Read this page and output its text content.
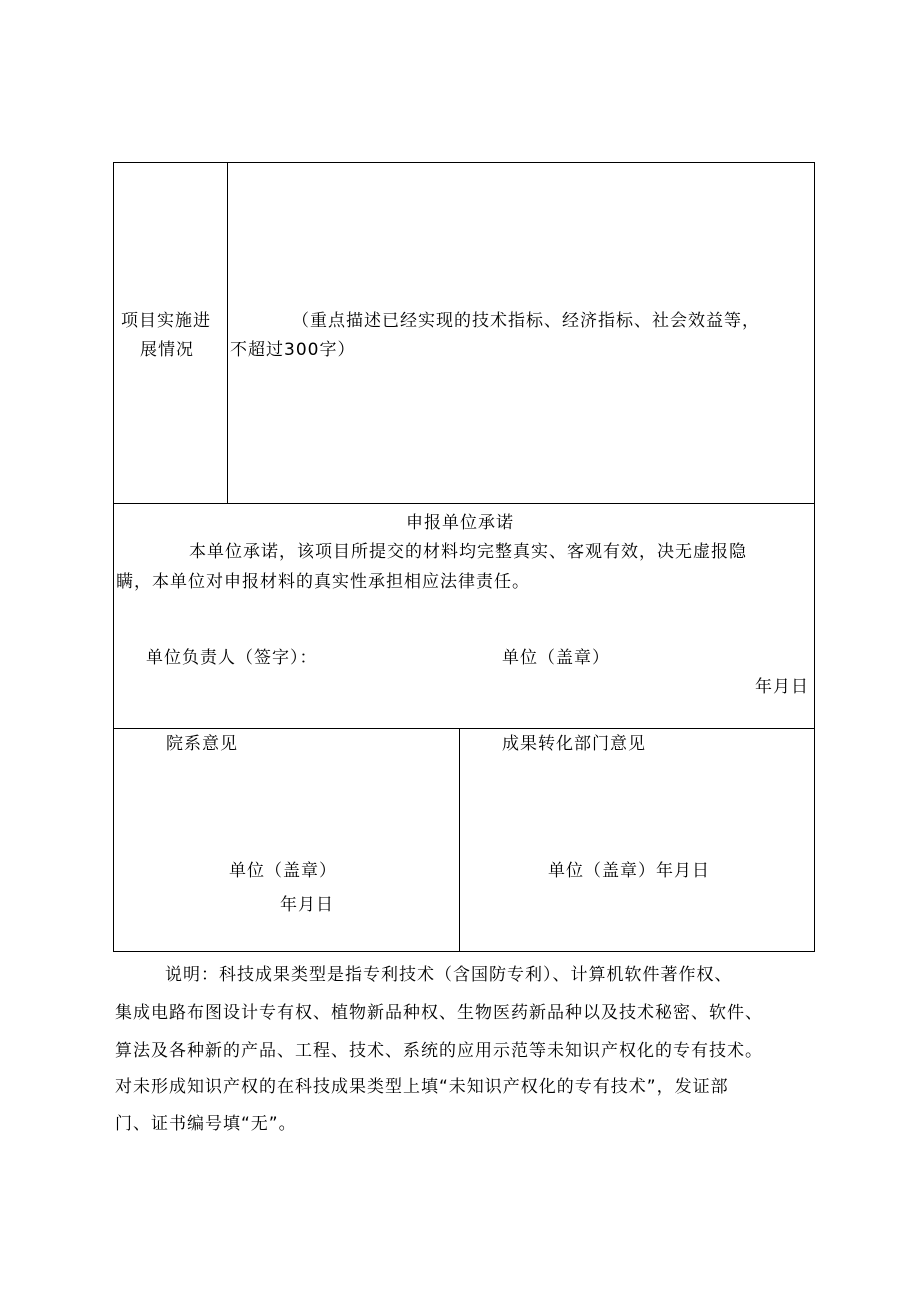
项目实施进
展情况
（重点描述已经实现的技术指标、经济指标、社会效益等，
不超过300字）
申报单位承诺
本单位承诺，该项目所提交的材料均完整真实、客观有效，决无虚报隐
瞒，本单位对申报材料的真实性承担相应法律责任。
单位负责人（签字）：	单位（盖章）
年月日
院系意见
单位（盖章）
年月日
成果转化部门意见
单位（盖章）年月日
说明：科技成果类型是指专利技术（含国防专利）、计算机软件著作权、
集成电路布图设计专有权、植物新品种权、生物医药新品种以及技术秘密、软件、
算法及各种新的产品、工程、技术、系统的应用示范等未知识产权化的专有技术。
对未形成知识产权的在科技成果类型上填“未知识产权化的专有技术”，发证部
门、证书编号填“无”。
